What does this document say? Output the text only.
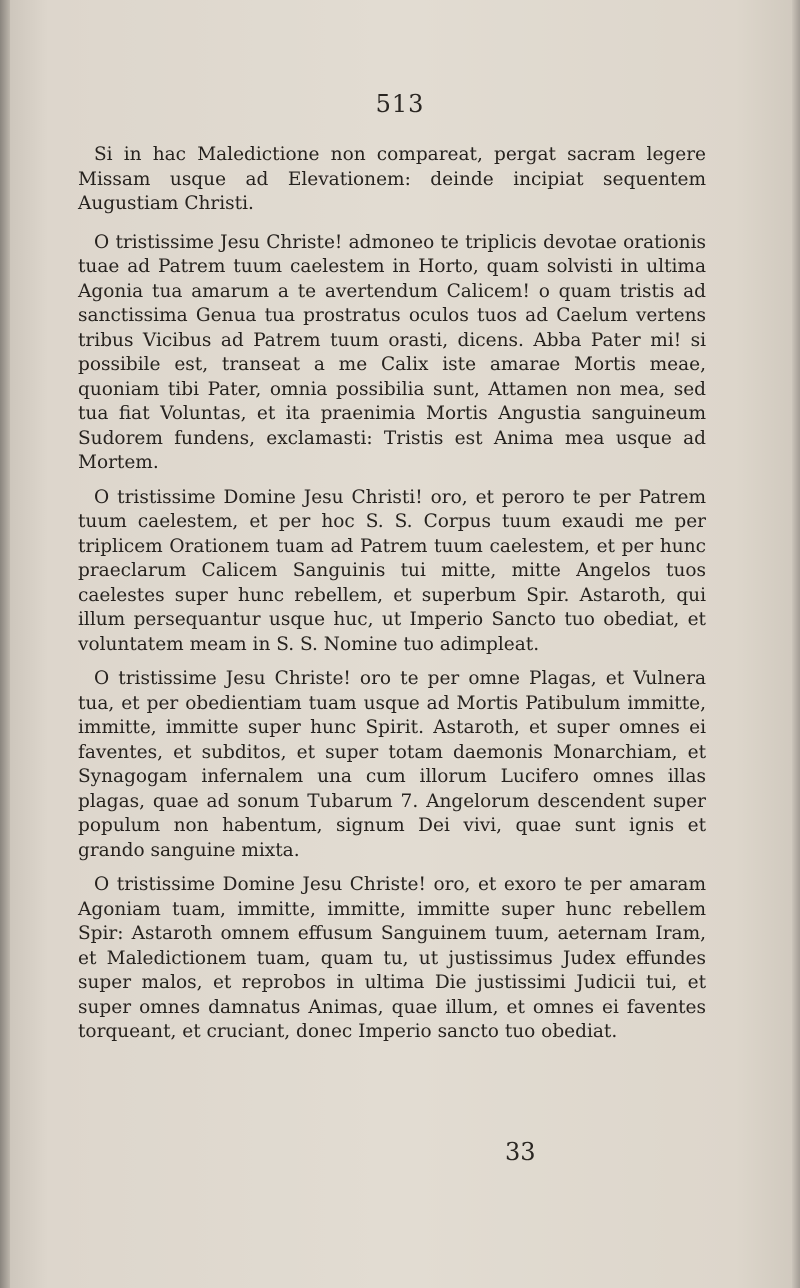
513

Si in hac Maledictione non compareat, pergat sacram legere Missam usque ad Elevationem: deinde incipiat sequentem Augustiam Christi.

O tristissime Jesu Christe! admoneo te triplicis devotae orationis tuae ad Patrem tuum caelestem in Horto, quam solvisti in ultima Agonia tua amarum a te avertendum Calicem! o quam tristis ad sanctissima Genua tua prostratus oculos tuos ad Caelum vertens tribus Vicibus ad Patrem tuum orasti, dicens. Abba Pater mi! si possibile est, transeat a me Calix iste amarae Mortis meae, quoniam tibi Pater, omnia possibilia sunt, Attamen non mea, sed tua fiat Voluntas, et ita praenimia Mortis Angustia sanguineum Sudorem fundens, exclamasti: Tristis est Anima mea usque ad Mortem.

O tristissime Domine Jesu Christi! oro, et peroro te per Patrem tuum caelestem, et per hoc S. S. Corpus tuum exaudi me per triplicem Orationem tuam ad Patrem tuum caelestem, et per hunc praeclarum Calicem Sanguinis tui mitte, mitte Angelos tuos caelestes super hunc rebellem, et superbum Spir. Astaroth, qui illum persequantur usque huc, ut Imperio Sancto tuo obediat, et voluntatem meam in S. S. Nomine tuo adimpleat.

O tristissime Jesu Christe! oro te per omne Plagas, et Vulnera tua, et per obedientiam tuam usque ad Mortis Patibulum immitte, immitte, immitte super hunc Spirit. Astaroth, et super omnes ei faventes, et subditos, et super totam daemonis Monarchiam, et Synagogam infernalem una cum illorum Lucifero omnes illas plagas, quae ad sonum Tubarum 7. Angelorum descendent super populum non habentum, signum Dei vivi, quae sunt ignis et grando sanguine mixta.

O tristissime Domine Jesu Christe! oro, et exoro te per amaram Agoniam tuam, immitte, immitte, immitte super hunc rebellem Spir: Astaroth omnem effusum Sanguinem tuum, aeternam Iram, et Maledictionem tuam, quam tu, ut justissimus Judex effundes super malos, et reprobos in ultima Die justissimi Judicii tui, et super omnes damnatus Animas, quae illum, et omnes ei faventes torqueant, et cruciant, donec Imperio sancto tuo obediat.

33
